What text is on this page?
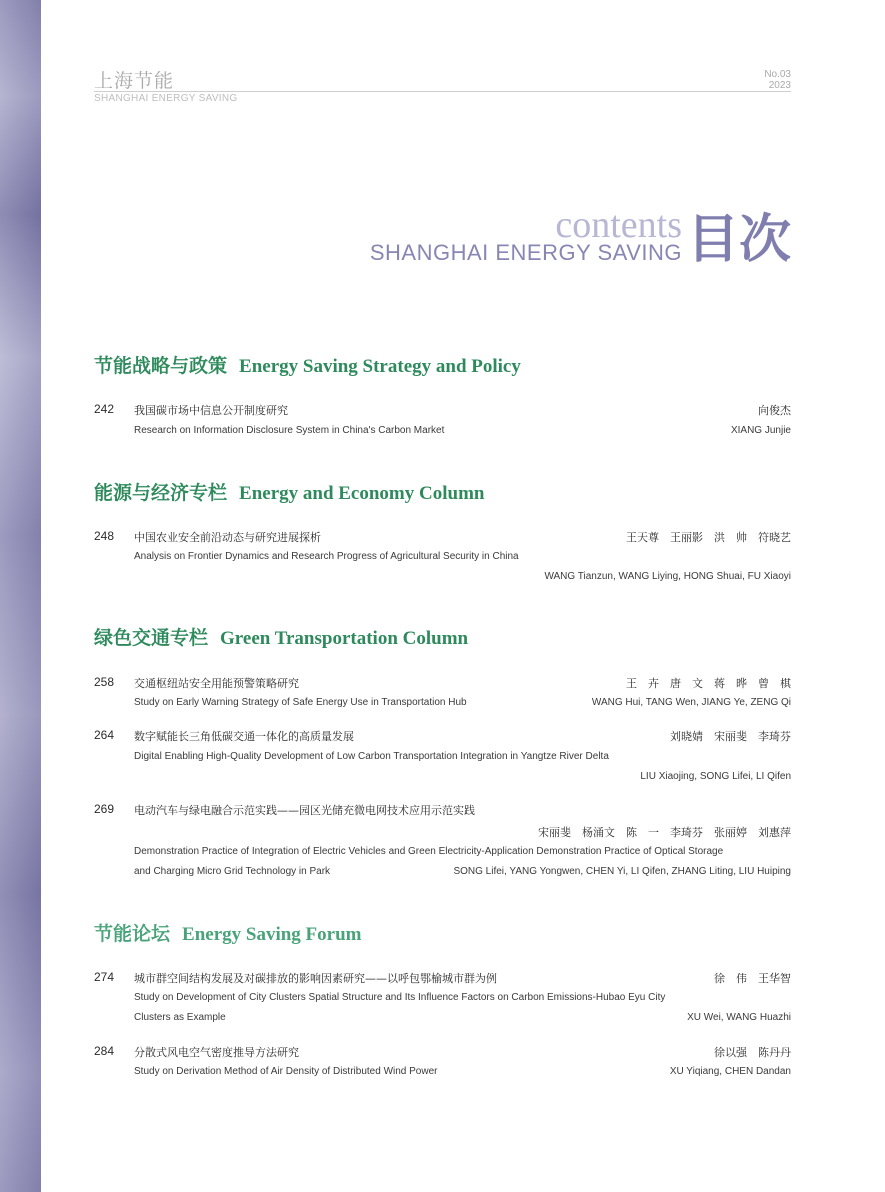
上海节能
SHANGHAI ENERGY SAVING
No.03
2023
contents
SHANGHAI ENERGY SAVING 目次
节能战略与政策 Energy Saving Strategy and Policy
242 我国碳市场中信息公开制度研究	向俊杰
Research on Information Disclosure System in China's Carbon Market	XIANG Junjie
能源与经济专栏 Energy and Economy Column
248 中国农业安全前沿动态与研究进展探析	王天尊　王丽影　洪　帅　符晓艺
Analysis on Frontier Dynamics and Research Progress of Agricultural Security in China
WANG Tianzun, WANG Liying, HONG Shuai, FU Xiaoyi
绿色交通专栏 Green Transportation Column
258 交通枢纽站安全用能预警策略研究	王　卉　唐　文　蒋　晔　曾　棋
Study on Early Warning Strategy of Safe Energy Use in Transportation Hub	WANG Hui, TANG Wen, JIANG Ye, ZENG Qi
264 数字赋能长三角低碳交通一体化的高质量发展	刘晓婧　宋丽斐　李琦芬
Digital Enabling High-Quality Development of Low Carbon Transportation Integration in Yangtze River Delta
LIU Xiaojing, SONG Lifei, LI Qifen
269 电动汽车与绿电融合示范实践——园区光储充微电网技术应用示范实践
宋丽斐　杨涌文　陈　一　李琦芬　张丽婷　刘惠萍
Demonstration Practice of Integration of Electric Vehicles and Green Electricity-Application Demonstration Practice of Optical Storage
and Charging Micro Grid Technology in Park	SONG Lifei, YANG Yongwen, CHEN Yi, LI Qifen, ZHANG Liting, LIU Huiping
节能论坛 Energy Saving Forum
274 城市群空间结构发展及对碳排放的影响因素研究——以呼包鄂榆城市群为例	徐　伟　王华智
Study on Development of City Clusters Spatial Structure and Its Influence Factors on Carbon Emissions-Hubao Eyu City
Clusters as Example	XU Wei, WANG Huazhi
284 分散式风电空气密度推导方法研究	徐以强　陈丹丹
Study on Derivation Method of Air Density of Distributed Wind Power	XU Yiqiang, CHEN Dandan
